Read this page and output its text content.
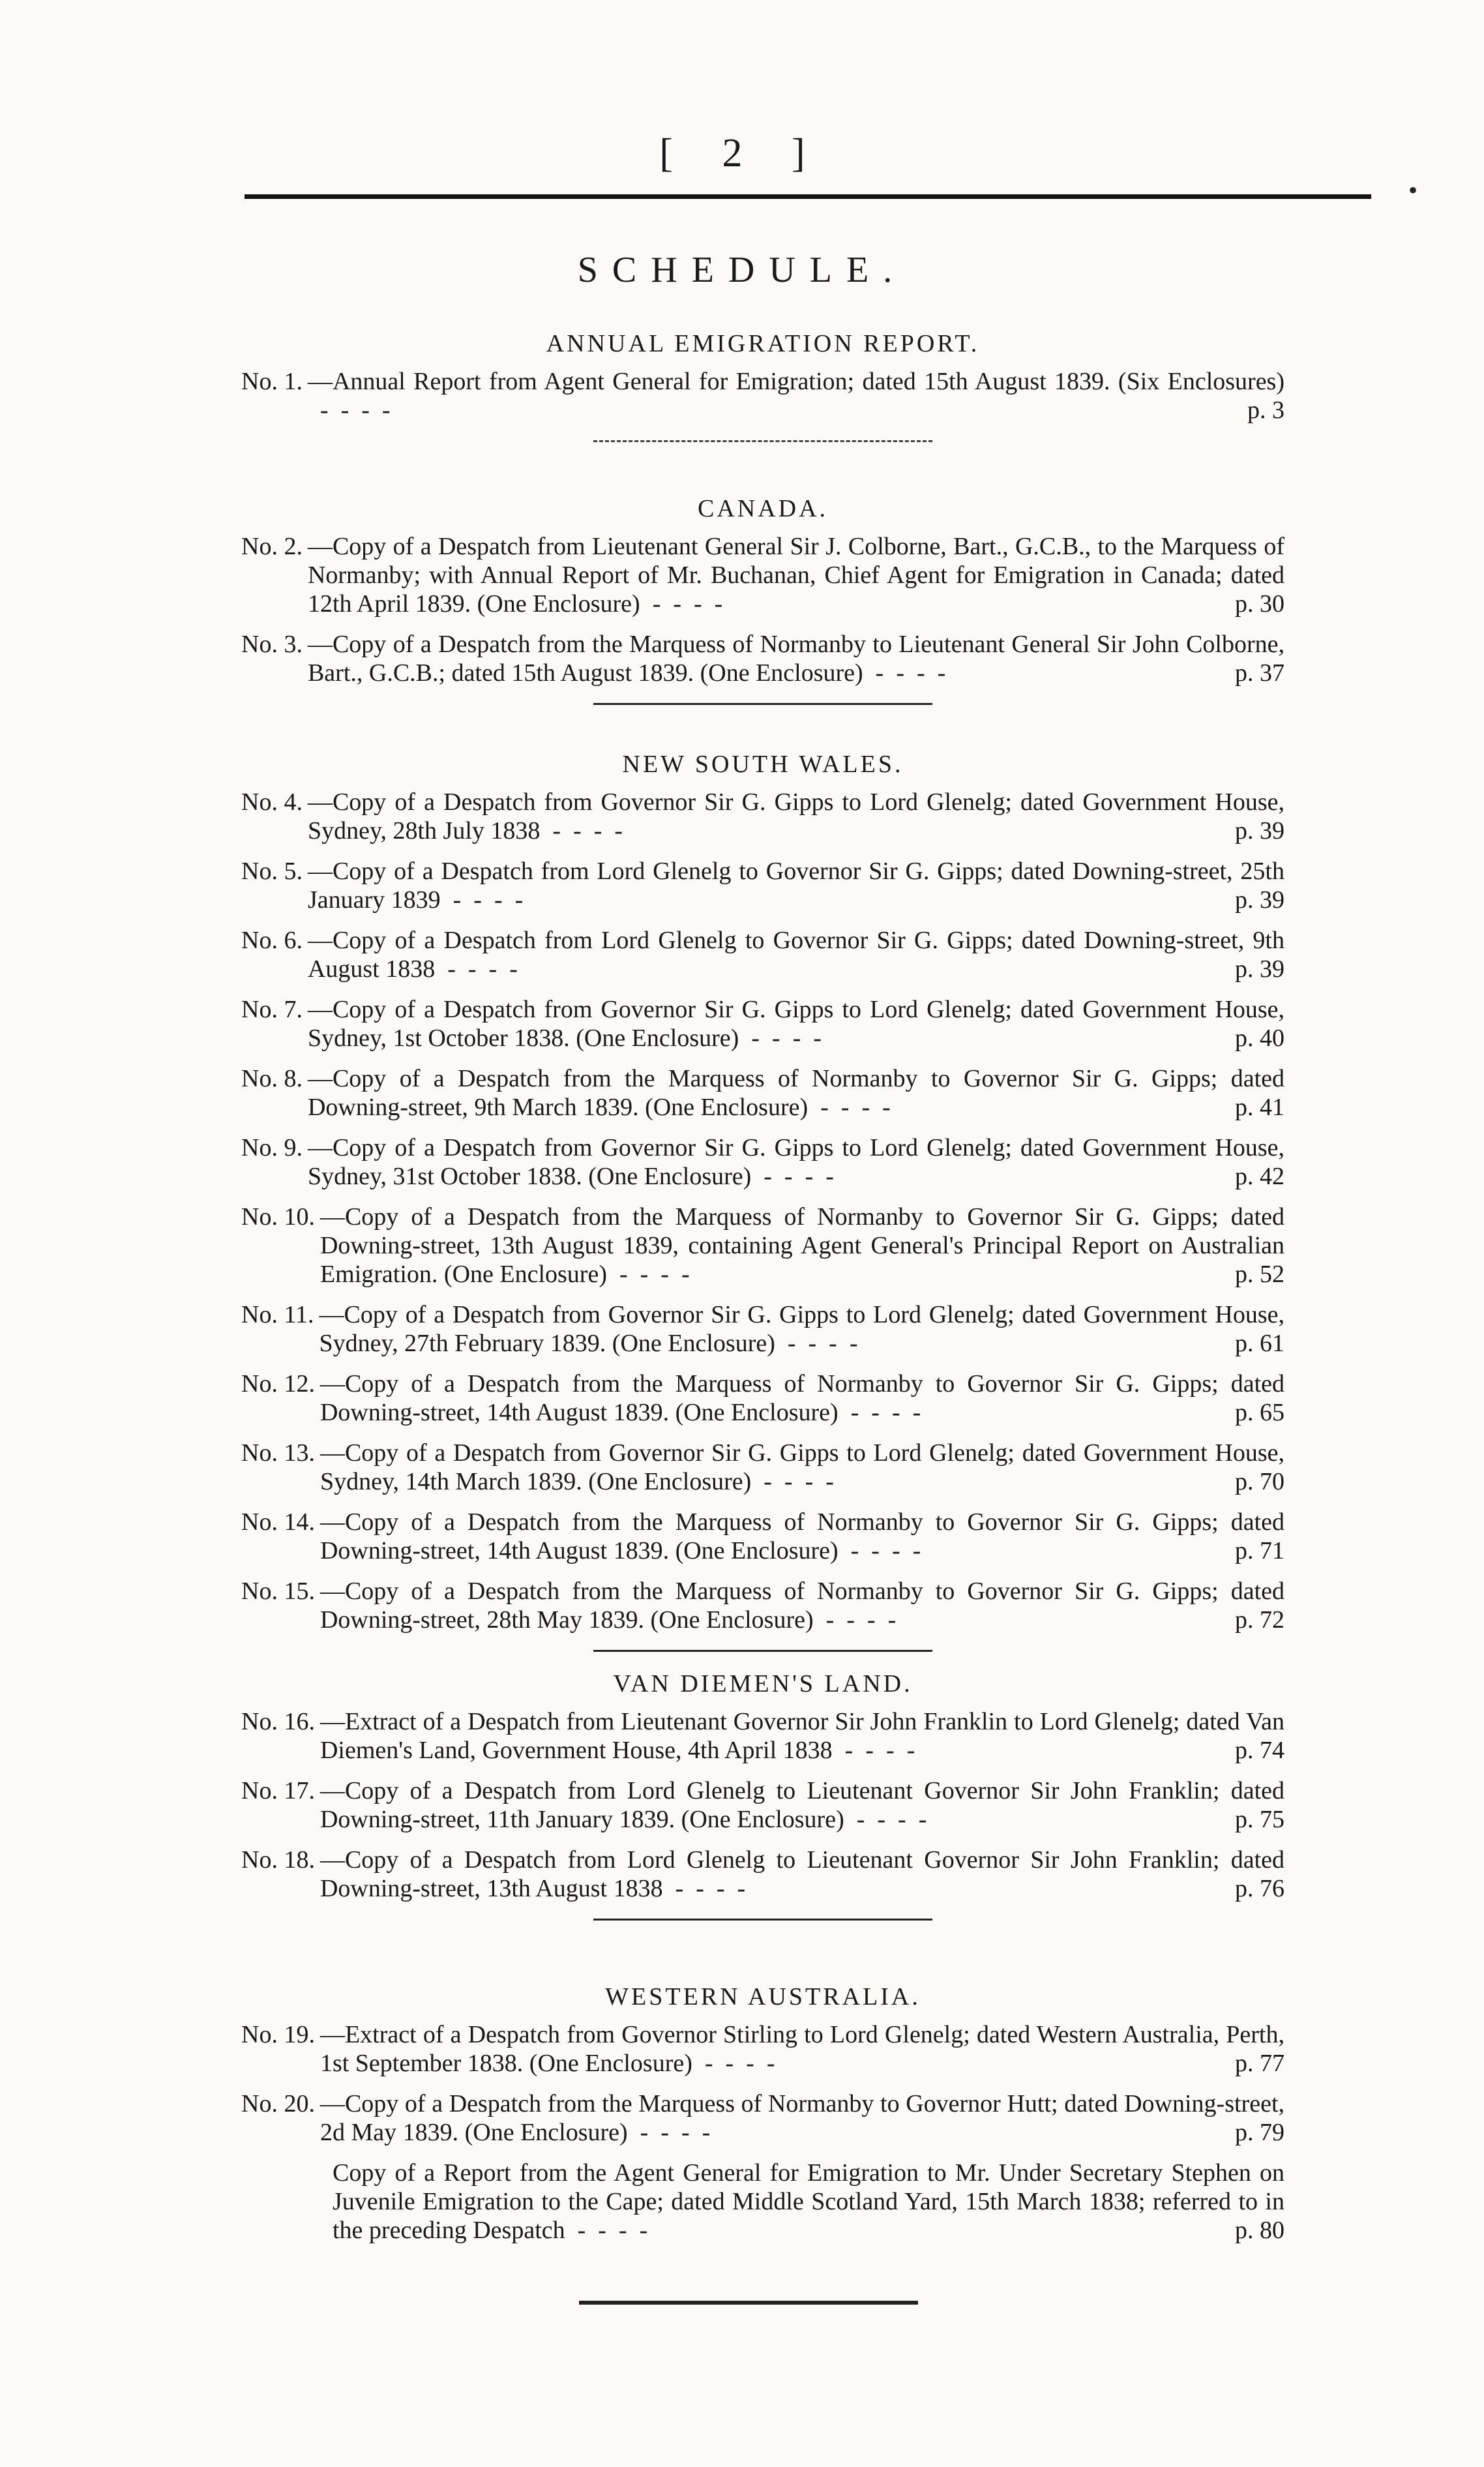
[ 2 ]
•
SCHEDULE.
ANNUAL EMIGRATION REPORT.
No. 1. —Annual Report from Agent General for Emigration; dated 15th August 1839. (Six Enclosures)  -  -  -  -	p. 3
CANADA.
No. 2. —Copy of a Despatch from Lieutenant General Sir J. Colborne, Bart., G.C.B., to the Marquess of Normanby; with Annual Report of Mr. Buchanan, Chief Agent for Emigration in Canada; dated 12th April 1839. (One Enclosure)  -  -  -  -	p. 30
No. 3. —Copy of a Despatch from the Marquess of Normanby to Lieutenant General Sir John Colborne, Bart., G.C.B.; dated 15th August 1839. (One Enclosure)  -  -  -  -	p. 37
NEW SOUTH WALES.
No. 4. —Copy of a Despatch from Governor Sir G. Gipps to Lord Glenelg; dated Government House, Sydney, 28th July 1838  -  -  -  -	p. 39
No. 5. —Copy of a Despatch from Lord Glenelg to Governor Sir G. Gipps; dated Downing-street, 25th January 1839  -  -  -  -	p. 39
No. 6. —Copy of a Despatch from Lord Glenelg to Governor Sir G. Gipps; dated Downing-street, 9th August 1838  -  -  -  -	p. 39
No. 7. —Copy of a Despatch from Governor Sir G. Gipps to Lord Glenelg; dated Government House, Sydney, 1st October 1838. (One Enclosure)  -  -  -  -	p. 40
No. 8. —Copy of a Despatch from the Marquess of Normanby to Governor Sir G. Gipps; dated Downing-street, 9th March 1839. (One Enclosure)  -  -  -  -	p. 41
No. 9. —Copy of a Despatch from Governor Sir G. Gipps to Lord Glenelg; dated Government House, Sydney, 31st October 1838. (One Enclosure)  -  -  -  -	p. 42
No. 10. —Copy of a Despatch from the Marquess of Normanby to Governor Sir G. Gipps; dated Downing-street, 13th August 1839, containing Agent General's Principal Report on Australian Emigration. (One Enclosure)  -  -  -  -	p. 52
No. 11. —Copy of a Despatch from Governor Sir G. Gipps to Lord Glenelg; dated Government House, Sydney, 27th February 1839. (One Enclosure)  -  -  -  -	p. 61
No. 12. —Copy of a Despatch from the Marquess of Normanby to Governor Sir G. Gipps; dated Downing-street, 14th August 1839. (One Enclosure)  -  -  -  -	p. 65
No. 13. —Copy of a Despatch from Governor Sir G. Gipps to Lord Glenelg; dated Government House, Sydney, 14th March 1839. (One Enclosure)  -  -  -  -	p. 70
No. 14. —Copy of a Despatch from the Marquess of Normanby to Governor Sir G. Gipps; dated Downing-street, 14th August 1839. (One Enclosure)  -  -  -  -	p. 71
No. 15. —Copy of a Despatch from the Marquess of Normanby to Governor Sir G. Gipps; dated Downing-street, 28th May 1839. (One Enclosure)  -  -  -  -	p. 72
VAN DIEMEN'S LAND.
No. 16. —Extract of a Despatch from Lieutenant Governor Sir John Franklin to Lord Glenelg; dated Van Diemen's Land, Government House, 4th April 1838  -  -  -  -	p. 74
No. 17. —Copy of a Despatch from Lord Glenelg to Lieutenant Governor Sir John Franklin; dated Downing-street, 11th January 1839. (One Enclosure)  -  -  -  -	p. 75
No. 18. —Copy of a Despatch from Lord Glenelg to Lieutenant Governor Sir John Franklin; dated Downing-street, 13th August 1838  -  -  -  -	p. 76
WESTERN AUSTRALIA.
No. 19. —Extract of a Despatch from Governor Stirling to Lord Glenelg; dated Western Australia, Perth, 1st September 1838. (One Enclosure)  -  -  -  -	p. 77
No. 20. —Copy of a Despatch from the Marquess of Normanby to Governor Hutt; dated Downing-street, 2d May 1839. (One Enclosure)  -  -  -  -	p. 79
Copy of a Report from the Agent General for Emigration to Mr. Under Secretary Stephen on Juvenile Emigration to the Cape; dated Middle Scotland Yard, 15th March 1838; referred to in the preceding Despatch  -  -  -  -	p. 80
